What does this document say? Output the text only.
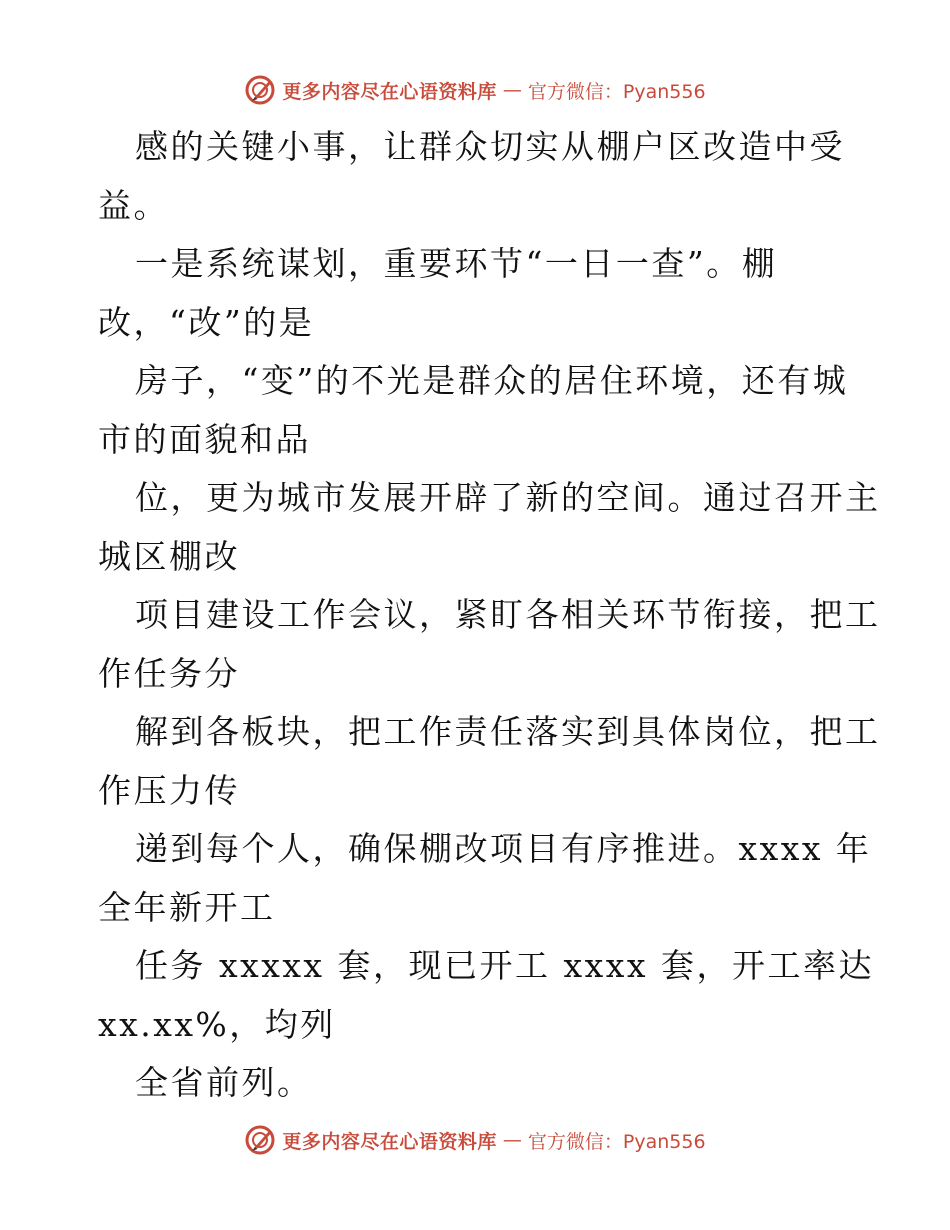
更多内容尽在心语资料库 — 官方微信：Pyan556
感的关键小事，让群众切实从棚户区改造中受
益。
一是系统谋划，重要环节“一日一查”。棚
改，“改”的是
房子，“变”的不光是群众的居住环境，还有城
市的面貌和品
位，更为城市发展开辟了新的空间。通过召开主
城区棚改
项目建设工作会议，紧盯各相关环节衔接，把工
作任务分
解到各板块，把工作责任落实到具体岗位，把工
作压力传
递到每个人，确保棚改项目有序推进。xxxx 年
全年新开工
任务 xxxxx 套，现已开工 xxxx 套，开工率达
xx.xx%，均列
全省前列。
更多内容尽在心语资料库 — 官方微信：Pyan556
